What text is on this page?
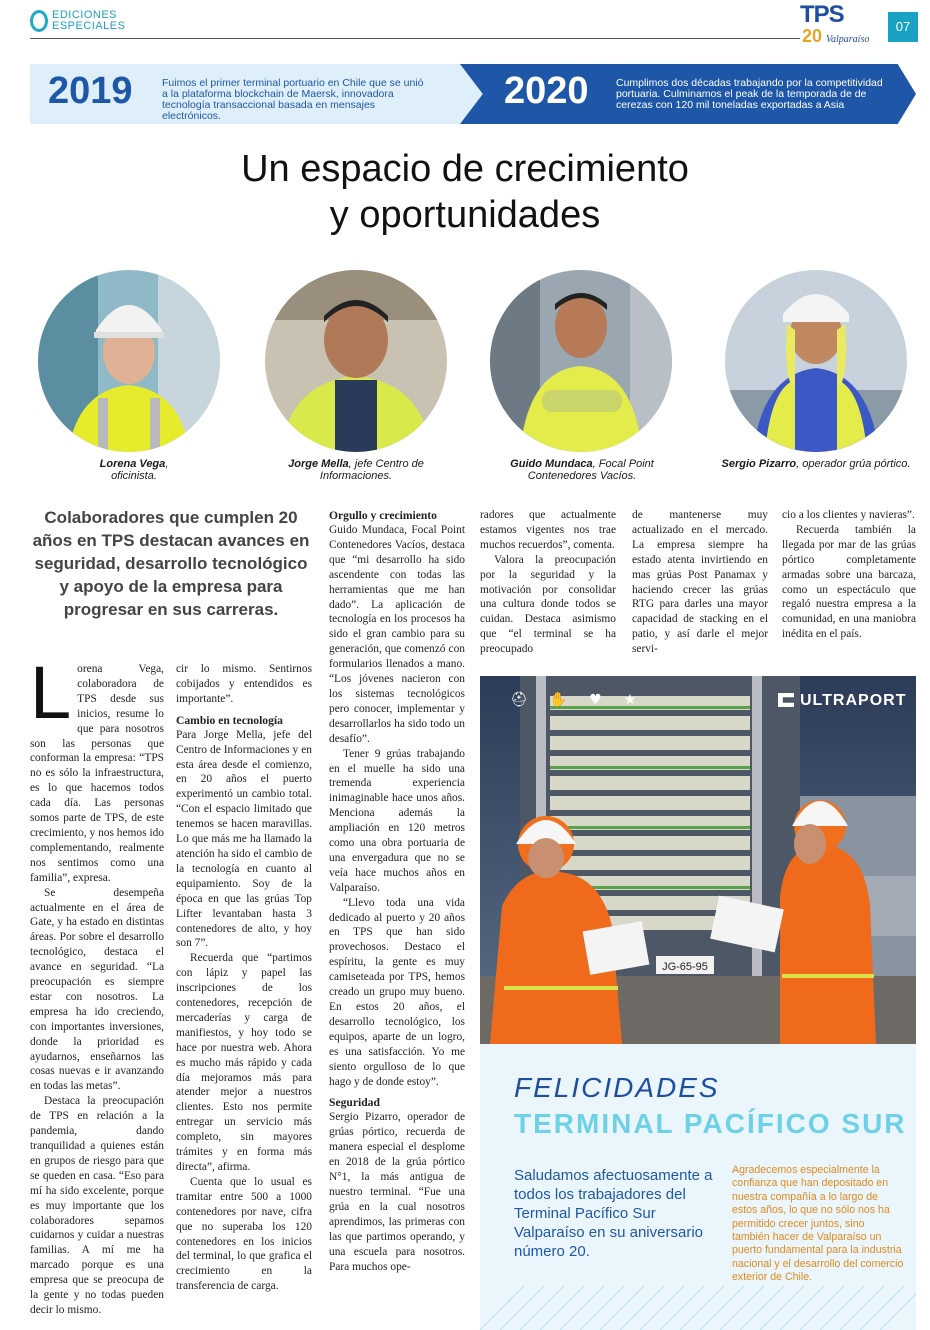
EDICIONES
ESPECIALES	TPS
20 Valparaíso
07
2019	Fuimos el primer terminal portuario en Chile que se unió a la plataforma blockchain de Maersk, innovadora tecnología transaccional basada en mensajes electrónicos.
2020	Cumplimos dos décadas trabajando por la competitividad portuaria. Culminamos el peak de la temporada de de cerezas con 120 mil toneladas exportadas a Asia
Un espacio de crecimiento
y oportunidades
Lorena Vega,
oficinista.
Jorge Mella, jefe Centro de Informaciones.
Guido Mundaca, Focal Point Contenedores Vacíos.
Sergio Pizarro, operador grúa pórtico.
Colaboradores que cumplen 20 años en TPS destacan avances en seguridad, desarrollo tecnológico y apoyo de la empresa para progresar en sus carreras.

Lorena Vega, colaboradora de TPS desde sus inicios, resume lo que para nosotros son las personas que conforman la empresa: “TPS no es sólo la infraestructura, es lo que hacemos todos cada día. Las personas somos parte de TPS, de este crecimiento, y nos hemos ido complementando, realmente nos sentimos como una familia”, expresa.

Se desempeña actualmente en el área de Gate, y ha estado en distintas áreas. Por sobre el desarrollo tecnológico, destaca el avance en seguridad. “La preocupación es siempre estar con nosotros. La empresa ha ido creciendo, con importantes inversiones, donde la prioridad es ayudarnos, enseñarnos las cosas nuevas e ir avanzando en todas las metas”.

Destaca la preocupación de TPS en relación a la pandemia, dando tranquilidad a quienes están en grupos de riesgo para que se queden en casa. “Eso para mí ha sido excelente, porque es muy importante que los colaboradores sepamos cuidarnos y cuidar a nuestras familias. A mí me ha marcado porque es una empresa que se preocupa de la gente y no todas pueden decir lo mismo.

cir lo mismo. Sentirnos cobijados y entendidos es importante”.

Cambio en tecnología

Para Jorge Mella, jefe del Centro de Informaciones y en esta área desde el comienzo, en 20 años el puerto experimentó un cambio total. “Con el espacio limitado que tenemos se hacen maravillas. Lo que más me ha llamado la atención ha sido el cambio de la tecnología en cuanto al equipamiento. Soy de la época en que las grúas Top Lifter levantaban hasta 3 contenedores de alto, y hoy son 7”.

Recuerda que “partimos con lápiz y papel las inscripciones de los contenedores, recepción de mercaderías y carga de manifiestos, y hoy todo se hace por nuestra web. Ahora es mucho más rápido y cada día mejoramos más para atender mejor a nuestros clientes. Esto nos permite entregar un servicio más completo, sin mayores trámites y en forma más directa”, afirma.

Cuenta que lo usual es tramitar entre 500 a 1000 contenedores por nave, cifra que no superaba los 120 contenedores en los inicios del terminal, lo que grafica el crecimiento en la transferencia de carga.

Orgullo y crecimiento

Guido Mundaca, Focal Point Contenedores Vacíos, destaca que “mi desarrollo ha sido ascendente con todas las herramientas que me han dado”. La aplicación de tecnología en los procesos ha sido el gran cambio para su generación, que comenzó con formularios llenados a mano. “Los jóvenes nacieron con los sistemas tecnológicos pero conocer, implementar y desarrollarlos ha sido todo un desafío”.

Tener 9 grúas trabajando en el muelle ha sido una tremenda experiencia inimaginable hace unos años. Menciona además la ampliación en 120 metros como una obra portuaria de una envergadura que no se veía hace muchos años en Valparaíso.

“Llevo toda una vida dedicado al puerto y 20 años en TPS que han sido provechosos. Destaco el espíritu, la gente es muy camiseteada por TPS, hemos creado un grupo muy bueno. En estos 20 años, el desarrollo tecnológico, los equipos, aparte de un logro, es una satisfacción. Yo me siento orgulloso de lo que hago y de donde estoy”.

Seguridad

Sergio Pizarro, operador de grúas pórtico, recuerda de manera especial el desplome en 2018 de la grúa pórtico N°1, la más antigua de nuestro terminal. “Fue una grúa en la cual nosotros aprendimos, las primeras con las que partimos operando, y una escuela para nosotros. Para muchos ope-

radores que actualmente estamos vigentes nos trae muchos recuerdos”, comenta.

Valora la preocupación por la seguridad y la motivación por consolidar una cultura donde todos se cuidan. Destaca asimismo que “el terminal se ha preocupado

de mantenerse muy actualizado en el mercado. La empresa siempre ha estado atenta invirtiendo en mas grúas Post Panamax y haciendo crecer las grúas RTG para darles una mayor capacidad de stacking en el patio, y así darle el mejor servi-

cio a los clientes y navieras”.

Recuerda también la llegada por mar de las grúas pórtico completamente armadas sobre una barcaza, como un espectáculo que regaló nuestra empresa a la comunidad, en una maniobra inédita en el país.

JG-65-95
⛑ ✋ ♥ ★	ULTRAPORT
FELICIDADES
TERMINAL PACÍFICO SUR
Saludamos afectuosamente a todos los trabajadores del Terminal Pacífico Sur Valparaíso en su aniversario número 20.
Agradecemos especialmente la confianza que han depositado en nuestra compañía a lo largo de estos años, lo que no sólo nos ha permitido crecer juntos, sino también hacer de Valparaíso un puerto fundamental para la industria nacional y el desarrollo del comercio exterior de Chile.
